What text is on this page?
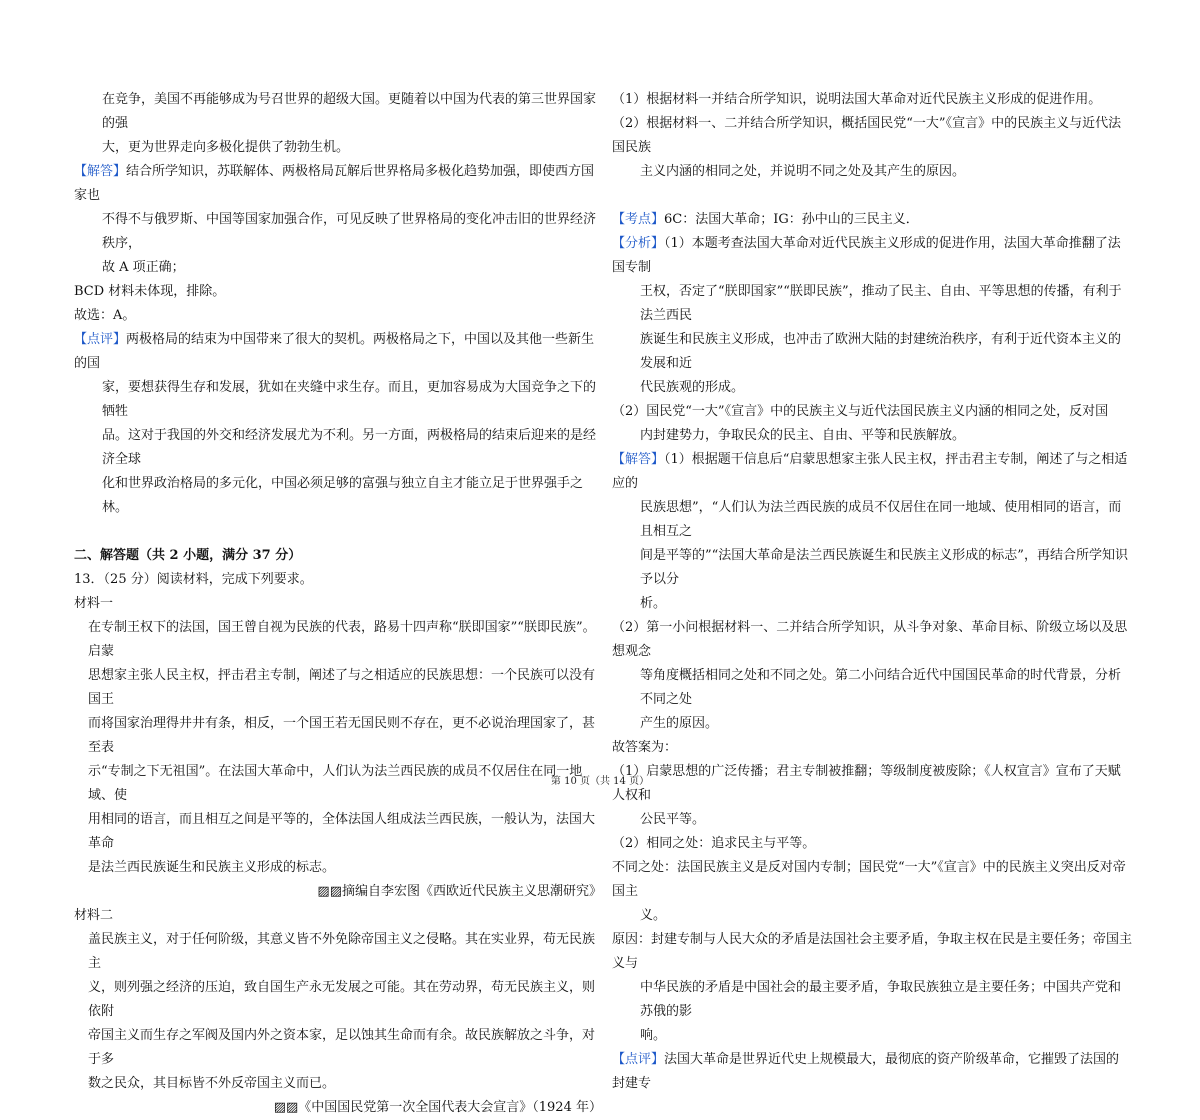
在竞争，美国不再能够成为号召世界的超级大国。更随着以中国为代表的第三世界国家的强

大，更为世界走向多极化提供了勃勃生机。

【解答】结合所学知识，苏联解体、两极格局瓦解后世界格局多极化趋势加强，即使西方国家也

不得不与俄罗斯、中国等国家加强合作，可见反映了世界格局的变化冲击旧的世界经济秩序，

故 A 项正确；

BCD 材料未体现，排除。

故选：A。

【点评】两极格局的结束为中国带来了很大的契机。两极格局之下，中国以及其他一些新生的国

家，要想获得生存和发展，犹如在夹缝中求生存。而且，更加容易成为大国竞争之下的牺牲

品。这对于我国的外交和经济发展尤为不利。另一方面，两极格局的结束后迎来的是经济全球

化和世界政治格局的多元化，中国必须足够的富强与独立自主才能立足于世界强手之林。

二、解答题（共 2 小题，满分 37 分）

13．（25 分）阅读材料，完成下列要求。

材料一

在专制王权下的法国，国王曾自视为民族的代表，路易十四声称“朕即国家”“朕即民族”。启蒙

思想家主张人民主权，抨击君主专制，阐述了与之相适应的民族思想：一个民族可以没有国王

而将国家治理得井井有条，相反，一个国王若无国民则不存在，更不必说治理国家了，甚至表

示“专制之下无祖国”。在法国大革命中，人们认为法兰西民族的成员不仅居住在同一地域、使

用相同的语言，而且相互之间是平等的，全体法国人组成法兰西民族，一般认为，法国大革命

是法兰西民族诞生和民族主义形成的标志。

▨▨摘编自李宏图《西欧近代民族主义思潮研究》

材料二

盖民族主义，对于任何阶级，其意义皆不外免除帝国主义之侵略。其在实业界，苟无民族主

义，则列强之经济的压迫，致自国生产永无发展之可能。其在劳动界，苟无民族主义，则依附

帝国主义而生存之军阀及国内外之资本家，足以蚀其生命而有余。故民族解放之斗争，对于多

数之民众，其目标皆不外反帝国主义而已。

▨▨《中国国民党第一次全国代表大会宣言》（1924 年）

（1）根据材料一并结合所学知识，说明法国大革命对近代民族主义形成的促进作用。

（2）根据材料一、二并结合所学知识，概括国民党“一大”《宣言》中的民族主义与近代法国民族

主义内涵的相同之处，并说明不同之处及其产生的原因。

【考点】6C：法国大革命；IG：孙中山的三民主义．

【分析】（1）本题考查法国大革命对近代民族主义形成的促进作用，法国大革命推翻了法国专制

王权，否定了“朕即国家”“朕即民族”，推动了民主、自由、平等思想的传播，有利于法兰西民

族诞生和民族主义形成，也冲击了欧洲大陆的封建统治秩序，有利于近代资本主义的发展和近

代民族观的形成。

（2）国民党“一大”《宣言》中的民族主义与近代法国民族主义内涵的相同之处，反对国

内封建势力，争取民众的民主、自由、平等和民族解放。

【解答】（1）根据题干信息后“启蒙思想家主张人民主权，抨击君主专制，阐述了与之相适应的

民族思想”，“人们认为法兰西民族的成员不仅居住在同一地域、使用相同的语言，而且相互之

间是平等的”“法国大革命是法兰西民族诞生和民族主义形成的标志”，再结合所学知识予以分

析。

（2）第一小问根据材料一、二并结合所学知识，从斗争对象、革命目标、阶级立场以及思想观念

等角度概括相同之处和不同之处。第二小问结合近代中国国民革命的时代背景，分析不同之处

产生的原因。

故答案为：

（1）启蒙思想的广泛传播；君主专制被推翻；等级制度被废除；《人权宣言》宣布了天赋人权和

公民平等。

（2）相同之处：追求民主与平等。

不同之处：法国民族主义是反对国内专制；国民党“一大”《宣言》中的民族主义突出反对帝国主

义。

原因：封建专制与人民大众的矛盾是法国社会主要矛盾，争取主权在民是主要任务；帝国主义与

中华民族的矛盾是中国社会的最主要矛盾，争取民族独立是主要任务；中国共产党和苏俄的影

响。

【点评】法国大革命是世界近代史上规模最大，最彻底的资产阶级革命，它摧毁了法国的封建专

第 10 页（共 14 页）
